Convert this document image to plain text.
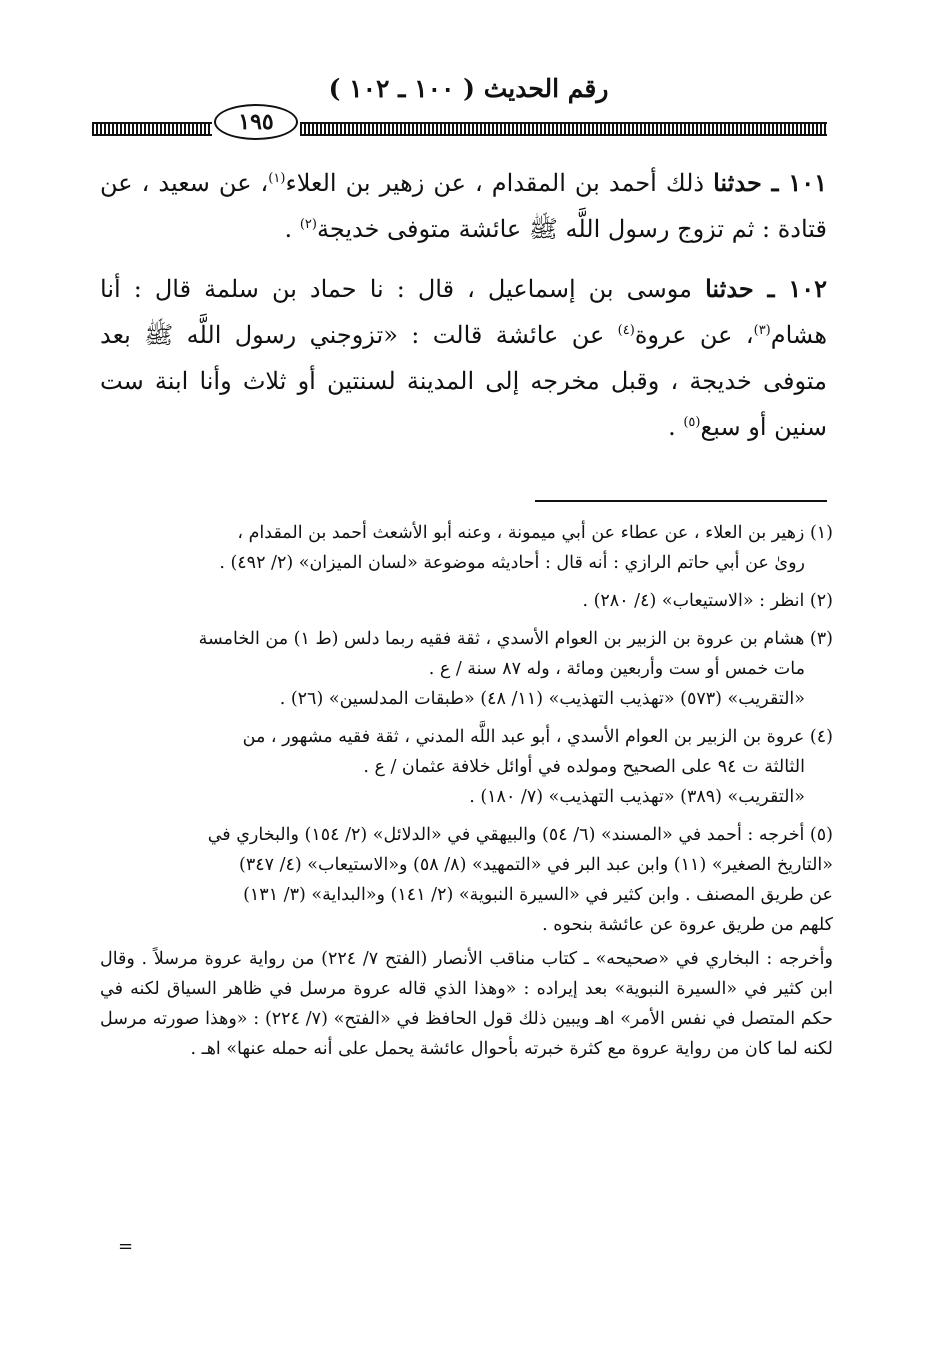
رقم الحديث ( ١٠٠ ـ ١٠٢ )
١٩٥

١٠١ ـ حدثنا ذلك أحمد بن المقدام ، عن زهير بن العلاء$^{(١)}$، عن سعيد ، عن قتادة : ثم تزوج رسول اللَّه ﷺ عائشة متوفى خديجة$^{(٢)}$ .

١٠٢ ـ حدثنا موسى بن إسماعيل ، قال : نا حماد بن سلمة قال : أنا هشام$^{(٣)}$، عن عروة$^{(٤)}$ عن عائشة قالت : «تزوجني رسول اللَّه ﷺ بعد متوفى خديجة ، وقبل مخرجه إلى المدينة لسنتين أو ثلاث وأنا ابنة ست سنين أو سبع$^{(٥)}$ .

(١) زهير بن العلاء ، عن عطاء عن أبي ميمونة ، وعنه أبو الأشعث أحمد بن المقدام ،
روىٰ عن أبي حاتم الرازي : أنه قال : أحاديثه موضوعة «لسان الميزان» (٢/ ٤٩٢) .
(٢) انظر : «الاستيعاب» (٤/ ٢٨٠) .
(٣) هشام بن عروة بن الزبير بن العوام الأسدي ، ثقة فقيه ربما دلس (ط ١) من الخامسة
مات خمس أو ست وأربعين ومائة ، وله ٨٧ سنة / ع .
«التقريب» (٥٧٣) «تهذيب التهذيب» (١١/ ٤٨) «طبقات المدلسين» (٢٦) .
(٤) عروة بن الزبير بن العوام الأسدي ، أبو عبد اللَّه المدني ، ثقة فقيه مشهور ، من
الثالثة ت ٩٤ على الصحيح ومولده في أوائل خلافة عثمان / ع .
«التقريب» (٣٨٩) «تهذيب التهذيب» (٧/ ١٨٠) .
(٥) أخرجه : أحمد في «المسند» (٦/ ٥٤) والبيهقي في «الدلائل» (٢/ ١٥٤) والبخاري في
«التاريخ الصغير» (١١) وابن عبد البر في «التمهيد» (٨/ ٥٨) و«الاستيعاب» (٤/ ٣٤٧)
عن طريق المصنف . وابن كثير في «السيرة النبوية» (٢/ ١٤١) و«البداية» (٣/ ١٣١)
كلهم من طريق عروة عن عائشة بنحوه .
وأخرجه : البخاري في «صحيحه» ـ كتاب مناقب الأنصار (الفتح ٧/ ٢٢٤) من رواية عروة مرسلاً . وقال ابن كثير في «السيرة النبوية» بعد إيراده : «وهذا الذي قاله عروة مرسل في ظاهر السياق لكنه في حكم المتصل في نفس الأمر» اهـ ويبين ذلك قول الحافظ في «الفتح» (٧/ ٢٢٤) : «وهذا صورته مرسل لكنه لما كان من رواية عروة مع كثرة خبرته بأحوال عائشة يحمل على أنه حمله عنها» اهـ .
=
